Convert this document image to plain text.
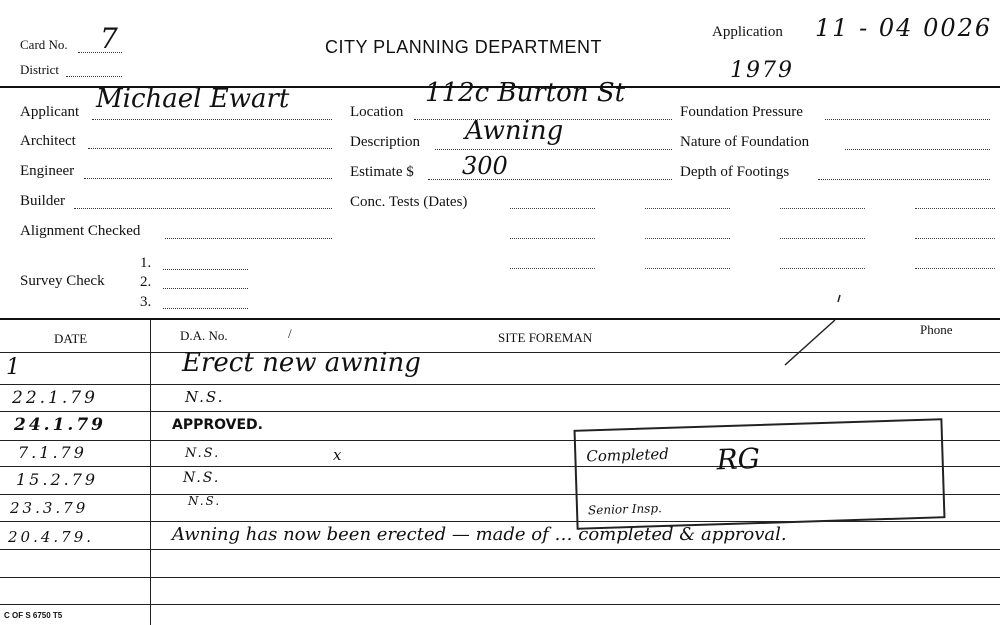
Card No. 7
District
CITY PLANNING DEPARTMENT
Application 11 - 04 0026
1979
Applicant Michael Ewart
Architect
Engineer
Builder
Alignment Checked
Survey Check
1.
2.
3.
Location
112c Burton St
Description Awning
Estimate $ 300
Conc. Tests (Dates)
Foundation Pressure
Nature of Foundation
Depth of Footings
DATE	D.A. No.	/	SITE FOREMAN
Phone
1	Erect new awning
22.1.79	N.S.
24.1.79	APPROVED.
7.1.79	N.S.	x
15.2.79	N.S.
23.3.79	N.S.
20.4.79.	Awning has now been erected — made of … completed & approval.
Completed RG
Senior Insp.
C OF S 6750 T5
